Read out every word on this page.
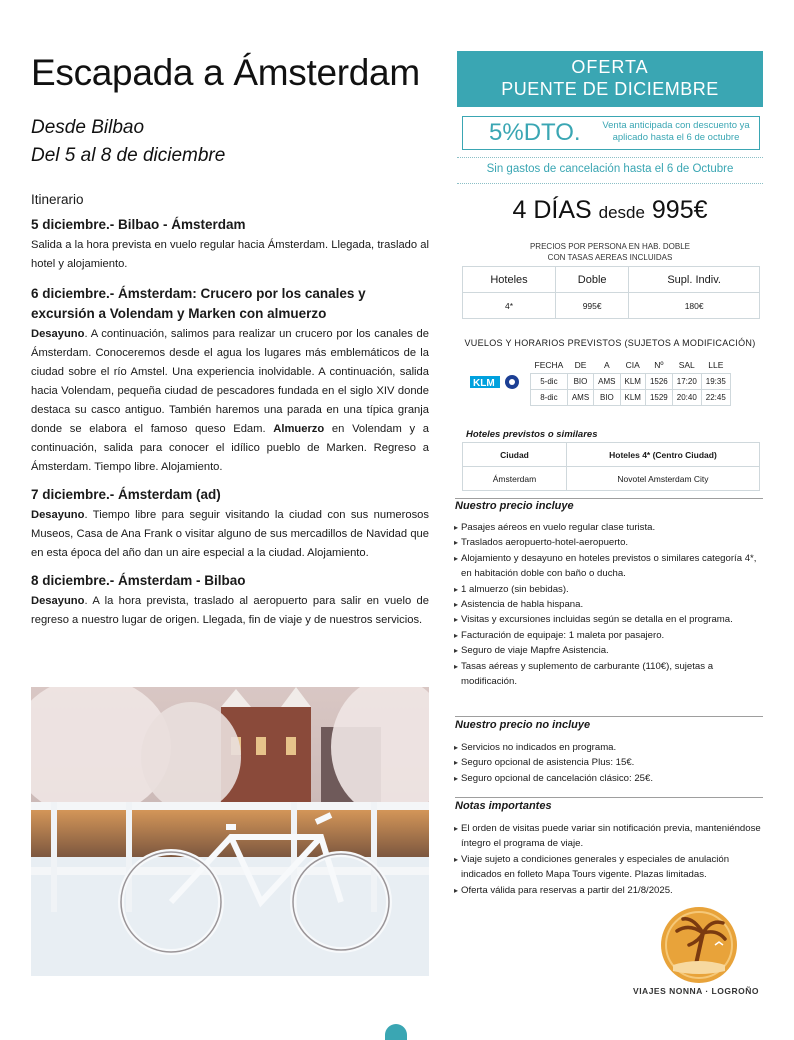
Escapada a Ámsterdam
Desde Bilbao
Del 5 al 8 de diciembre
Itinerario
5 diciembre.- Bilbao - Ámsterdam

Salida a la hora prevista en vuelo regular hacia Ámsterdam. Llegada, traslado al hotel y alojamiento.

6 diciembre.- Ámsterdam: Crucero por los canales y excursión a Volendam y Marken con almuerzo

Desayuno. A continuación, salimos para realizar un crucero por los canales de Ámsterdam. Conoceremos desde el agua los lugares más emblemáticos de la ciudad sobre el río Amstel. Una experiencia inolvidable. A continuación, salida hacia Volendam, pequeña ciudad de pescadores fundada en el siglo XIV donde destaca su casco antiguo. También haremos una parada en una típica granja donde se elabora el famoso queso Edam. Almuerzo en Volendam y a continuación, salida para conocer el idílico pueblo de Marken. Regreso a Ámsterdam. Tiempo libre. Alojamiento.

7 diciembre.- Ámsterdam (ad)

Desayuno. Tiempo libre para seguir visitando la ciudad con sus numerosos Museos, Casa de Ana Frank o visitar alguno de sus mercadillos de Navidad que en esta época del año dan un aire especial a la ciudad. Alojamiento.

8 diciembre.- Ámsterdam - Bilbao

Desayuno. A la hora prevista, traslado al aeropuerto para salir en vuelo de regreso a nuestro lugar de origen. Llegada, fin de viaje y de nuestros servicios.

OFERTA
PUENTE DE DICIEMBRE
5%DTO.	Venta anticipada con descuento ya aplicado hasta el 6 de octubre
Sin gastos de cancelación hasta el 6 de Octubre
4 DÍAS desde 995€
PRECIOS POR PERSONA EN HAB. DOBLE
CON TASAS AEREAS INCLUIDAS
Hoteles	Doble	Supl. Indiv.
4*	995€	180€
VUELOS Y HORARIOS PREVISTOS (SUJETOS A MODIFICACIÓN)
KLM
FECHA	DE	A	CIA	Nº	SAL	LLE
5-dic	BIO	AMS	KLM	1526	17:20	19:35
8-dic	AMS	BIO	KLM	1529	20:40	22:45
Hoteles previstos o similares
Ciudad	Hoteles 4* (Centro Ciudad)
Ámsterdam	Novotel Amsterdam City
Nuestro precio incluye
▸ Pasajes aéreos en vuelo regular clase turista.
▸ Traslados aeropuerto-hotel-aeropuerto.
▸ Alojamiento y desayuno en hoteles previstos o similares categoría 4*, en habitación doble con baño o ducha.
▸ 1 almuerzo (sin bebidas).
▸ Asistencia de habla hispana.
▸ Visitas y excursiones incluidas según se detalla en el programa.
▸ Facturación de equipaje: 1 maleta por pasajero.
▸ Seguro de viaje Mapfre Asistencia.
▸ Tasas aéreas y suplemento de carburante (110€), sujetas a modificación.
Nuestro precio no incluye
▸ Servicios no indicados en programa.
▸ Seguro opcional de asistencia Plus: 15€.
▸ Seguro opcional de cancelación clásico: 25€.
Notas importantes
▸ El orden de visitas puede variar sin notificación previa, manteniéndose íntegro el programa de viaje.
▸ Viaje sujeto a condiciones generales y especiales de anulación indicados en folleto Mapa Tours vigente. Plazas limitadas.
▸ Oferta válida para reservas a partir del 21/8/2025.
VIAJES NONNA · LOGROÑO
